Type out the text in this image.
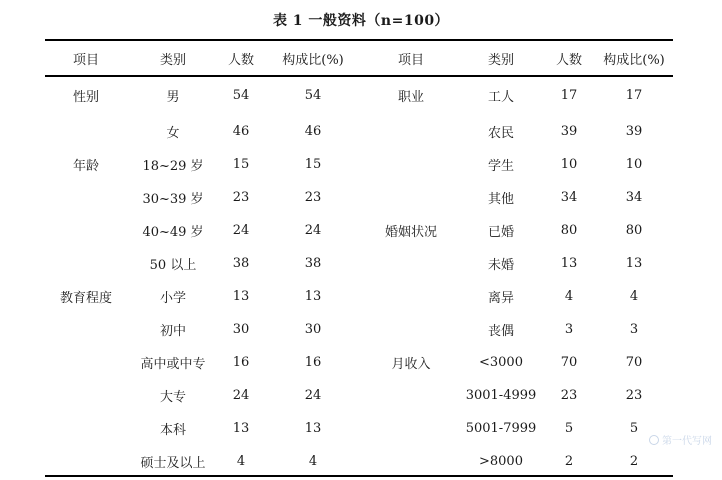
表 1 一般资料（n=100）
项目	类别	人数	构成比(%)	项目	类别	人数	构成比(%)
性别	男	54	54	职业	工人	17	17
	女	46	46		农民	39	39
年龄	18~29 岁	15	15		学生	10	10
	30~39 岁	23	23		其他	34	34
	40~49 岁	24	24	婚姻状况	已婚	80	80
	50 以上	38	38		未婚	13	13
教育程度	小学	13	13		离异	4	4
	初中	30	30		丧偶	3	3
	高中或中专	16	16	月收入	<3000	70	70
	大专	24	24		3001-4999	23	23
	本科	13	13		5001-7999	5	5
	硕士及以上	4	4		>8000	2	2
第一代写网
